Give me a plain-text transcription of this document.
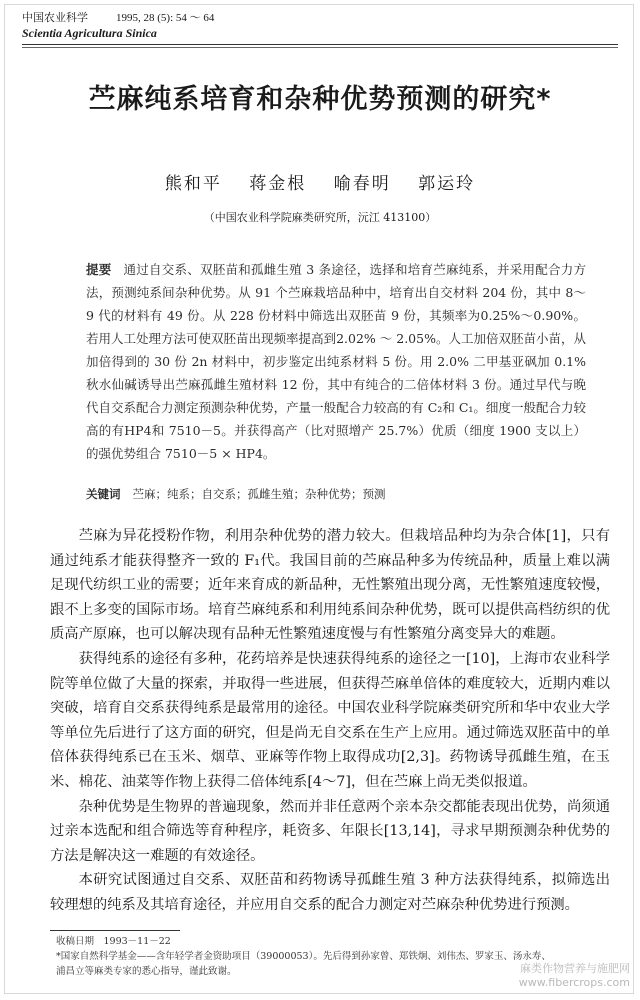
中国农业科学	1995, 28 (5): 54 ～ 64
Scientia Agricultura Sinica
苎麻纯系培育和杂种优势预测的研究*
熊和平 蒋金根 喻春明 郭运玲
（中国农业科学院麻类研究所，沅江 413100）
提要 通过自交系、双胚苗和孤雌生殖 3 条途径，选择和培育苎麻纯系，并采用配合力方法，预测纯系间杂种优势。从 91 个苎麻栽培品种中，培育出自交材料 204 份，其中 8～9 代的材料有 49 份。从 228 份材料中筛选出双胚苗 9 份，其频率为0.25%～0.90%。若用人工处理方法可使双胚苗出现频率提高到2.02% ～ 2.05%。人工加倍双胚苗小苗，从加倍得到的 30 份 2n 材料中，初步鉴定出纯系材料 5 份。用 2.0% 二甲基亚砜加 0.1% 秋水仙碱诱导出苎麻孤雌生殖材料 12 份，其中有纯合的二倍体材料 3 份。通过早代与晚代自交系配合力测定预测杂种优势，产量一般配合力较高的有 C₂和 C₁。细度一般配合力较高的有HP4和 7510－5。并获得高产（比对照增产 25.7%）优质（细度 1900 支以上）的强优势组合 7510－5 × HP4。
关键词 苎麻；纯系；自交系；孤雌生殖；杂种优势；预测

苎麻为异花授粉作物，利用杂种优势的潜力较大。但栽培品种均为杂合体[1]，只有通过纯系才能获得整齐一致的 F₁代。我国目前的苎麻品种多为传统品种，质量上难以满足现代纺织工业的需要；近年来育成的新品种，无性繁殖出现分离，无性繁殖速度较慢，跟不上多变的国际市场。培育苎麻纯系和利用纯系间杂种优势，既可以提供高档纺织的优质高产原麻，也可以解决现有品种无性繁殖速度慢与有性繁殖分离变异大的难题。

获得纯系的途径有多种，花药培养是快速获得纯系的途径之一[10]，上海市农业科学院等单位做了大量的探索，并取得一些进展，但获得苎麻单倍体的难度较大，近期内难以突破，培育自交系获得纯系是最常用的途径。中国农业科学院麻类研究所和华中农业大学等单位先后进行了这方面的研究，但是尚无自交系在生产上应用。通过筛选双胚苗中的单倍体获得纯系已在玉米、烟草、亚麻等作物上取得成功[2,3]。药物诱导孤雌生殖，在玉米、棉花、油菜等作物上获得二倍体纯系[4～7]，但在苎麻上尚无类似报道。

杂种优势是生物界的普遍现象，然而并非任意两个亲本杂交都能表现出优势，尚须通过亲本选配和组合筛选等育种程序，耗资多、年限长[13,14]，寻求早期预测杂种优势的方法是解决这一难题的有效途径。

本研究试图通过自交系、双胚苗和药物诱导孤雌生殖 3 种方法获得纯系，拟筛选出较理想的纯系及其培育途径，并应用自交系的配合力测定对苎麻杂种优势进行预测。

收稿日期　1993－11－22
*国家自然科学基金——含年轻学者金资助项目（39000053）。先后得到孙家曾、郑铁炯、刘伟杰、罗家玉、汤永寿、
浦昌立等麻类专家的悉心指导，谨此致谢。	麻类作物营养与施肥网
www.fibercrops.com
